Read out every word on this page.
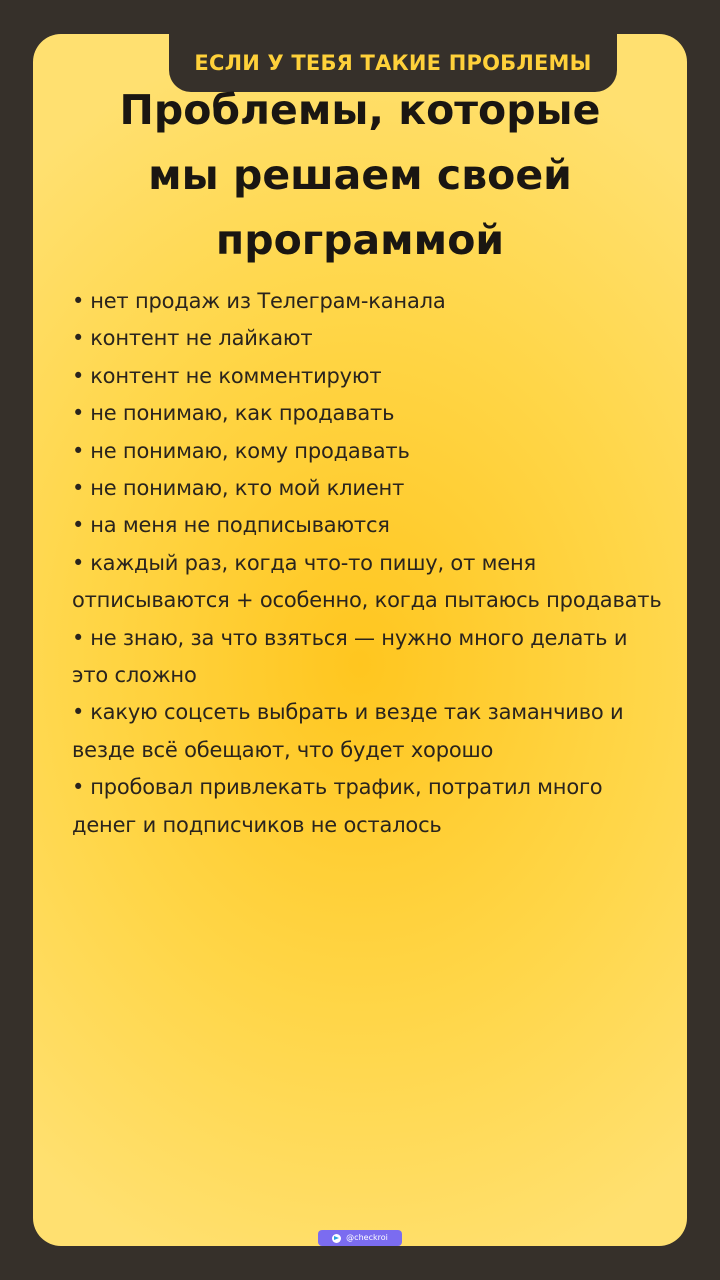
ЕСЛИ У ТЕБЯ ТАКИЕ ПРОБЛЕМЫ
Проблемы, которые
мы решаем своей
программой
• нет продаж из Телеграм-канала
• контент не лайкают
• контент не комментируют
• не понимаю, как продавать
• не понимаю, кому продавать
• не понимаю, кто мой клиент
• на меня не подписываются
• каждый раз, когда что-то пишу, от меня отписываются + особенно, когда пытаюсь продавать
• не знаю, за что взяться — нужно много делать и это сложно
• какую соцсеть выбрать и везде так заманчиво и везде всё обещают, что будет хорошо
• пробовал привлекать трафик, потратил много денег и подписчиков не осталось
@checkroi
